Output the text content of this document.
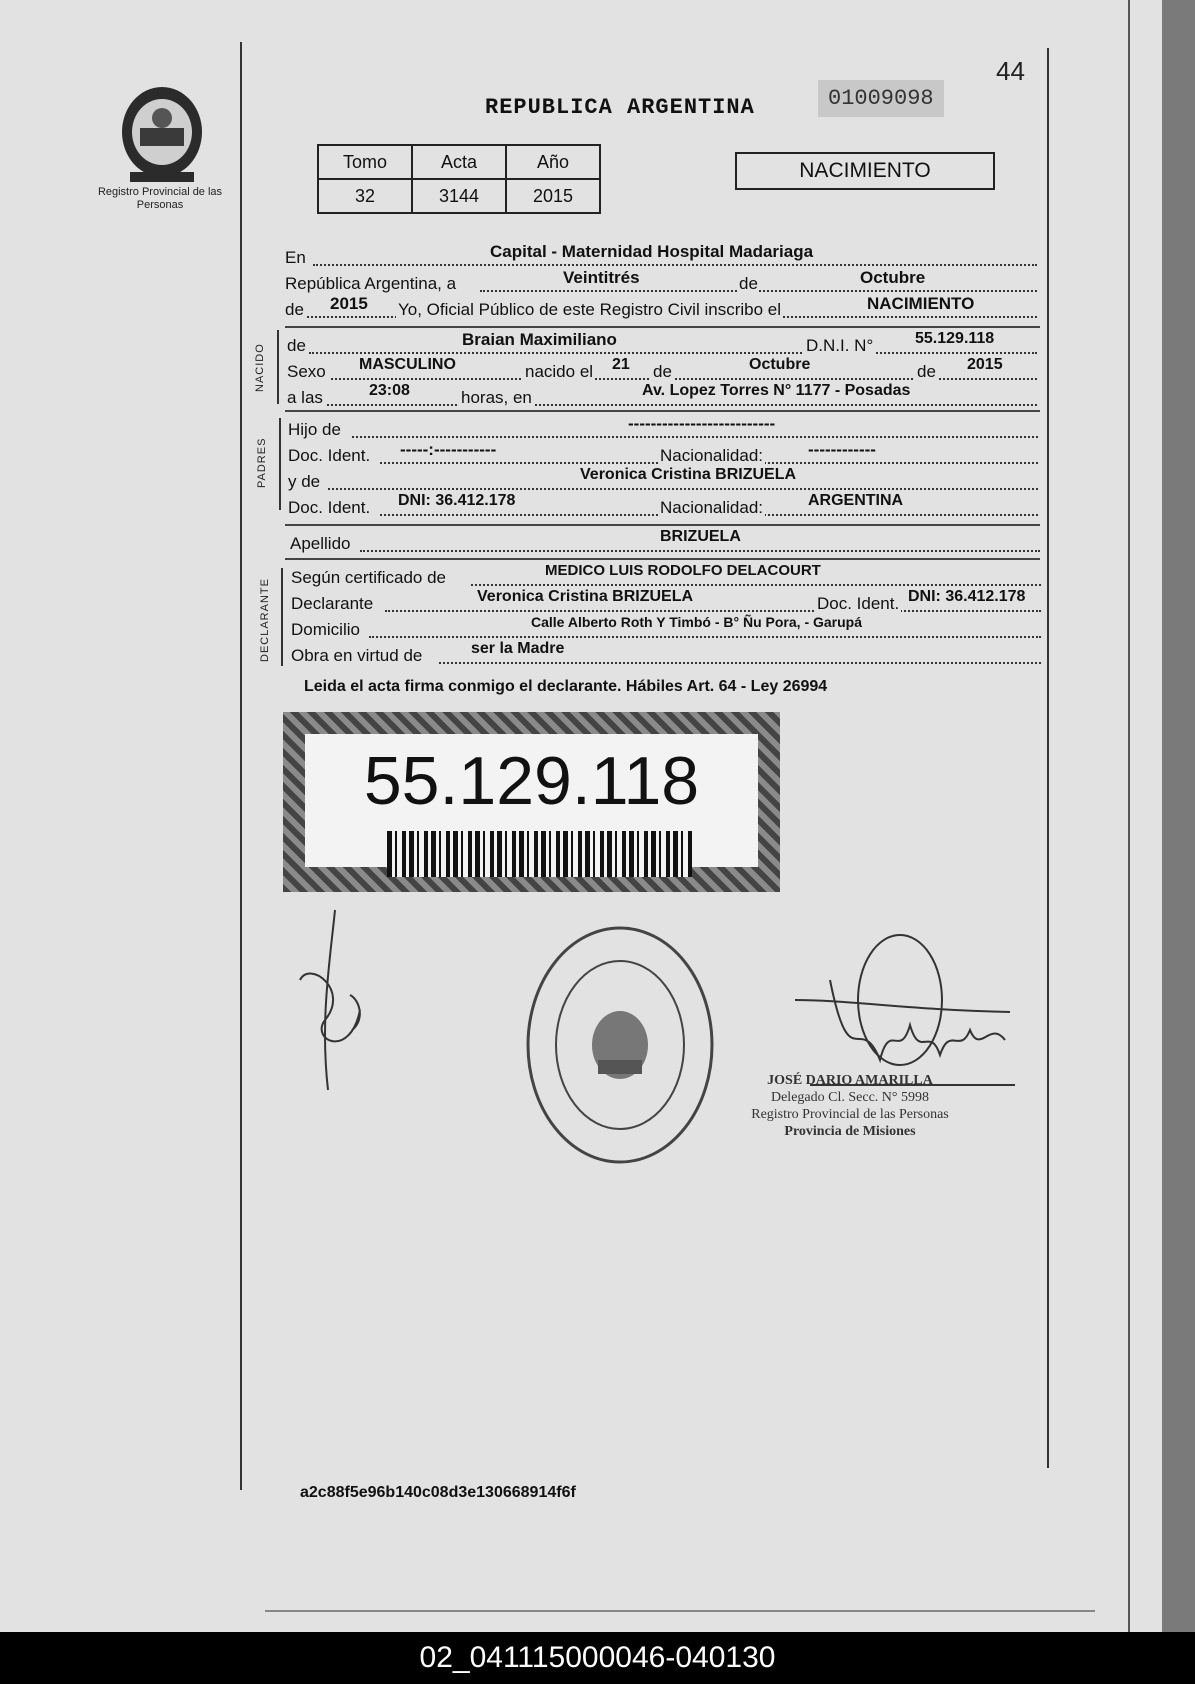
Registro Provincial de las Personas
44
REPUBLICA ARGENTINA	01009098
Tomo	Acta	Año
32	3144	2015
NACIMIENTO
En	Capital - Maternidad Hospital Madariaga
República Argentina, a	Veintitrés	de	Octubre
de 2015 Yo, Oficial Público de este Registro Civil inscribo el	NACIMIENTO
NACIDO de	Braian Maximiliano	D.N.I. N°	55.129.118
Sexo MASCULINO	nacido el 21 de	Octubre	de 2015
a las	23:08	horas, en	Av. Lopez Torres N° 1177 - Posadas
PADRES
Hijo de	--------------------------
Doc. Ident. -----:-----------	Nacionalidad:	------------
y de	Veronica Cristina BRIZUELA
Doc. Ident. DNI: 36.412.178	Nacionalidad:	ARGENTINA
Apellido	BRIZUELA
DECLARANTE
Según certificado de	MEDICO LUIS RODOLFO DELACOURT
Declarante	Veronica Cristina BRIZUELA	Doc. Ident. DNI: 36.412.178
Domicilio	Calle Alberto Roth Y Timbó - B° Ñu Pora, - Garupá
Obra en virtud de	ser la Madre
Leida el acta firma conmigo el declarante. Hábiles Art. 64 - Ley 26994
55.129.118
JOSÉ DARIO AMARILLA
Delegado Cl. Secc. N° 5998
Registro Provincial de las Personas
Provincia de Misiones
a2c88f5e96b140c08d3e130668914f6f
02_041115000046-040130
